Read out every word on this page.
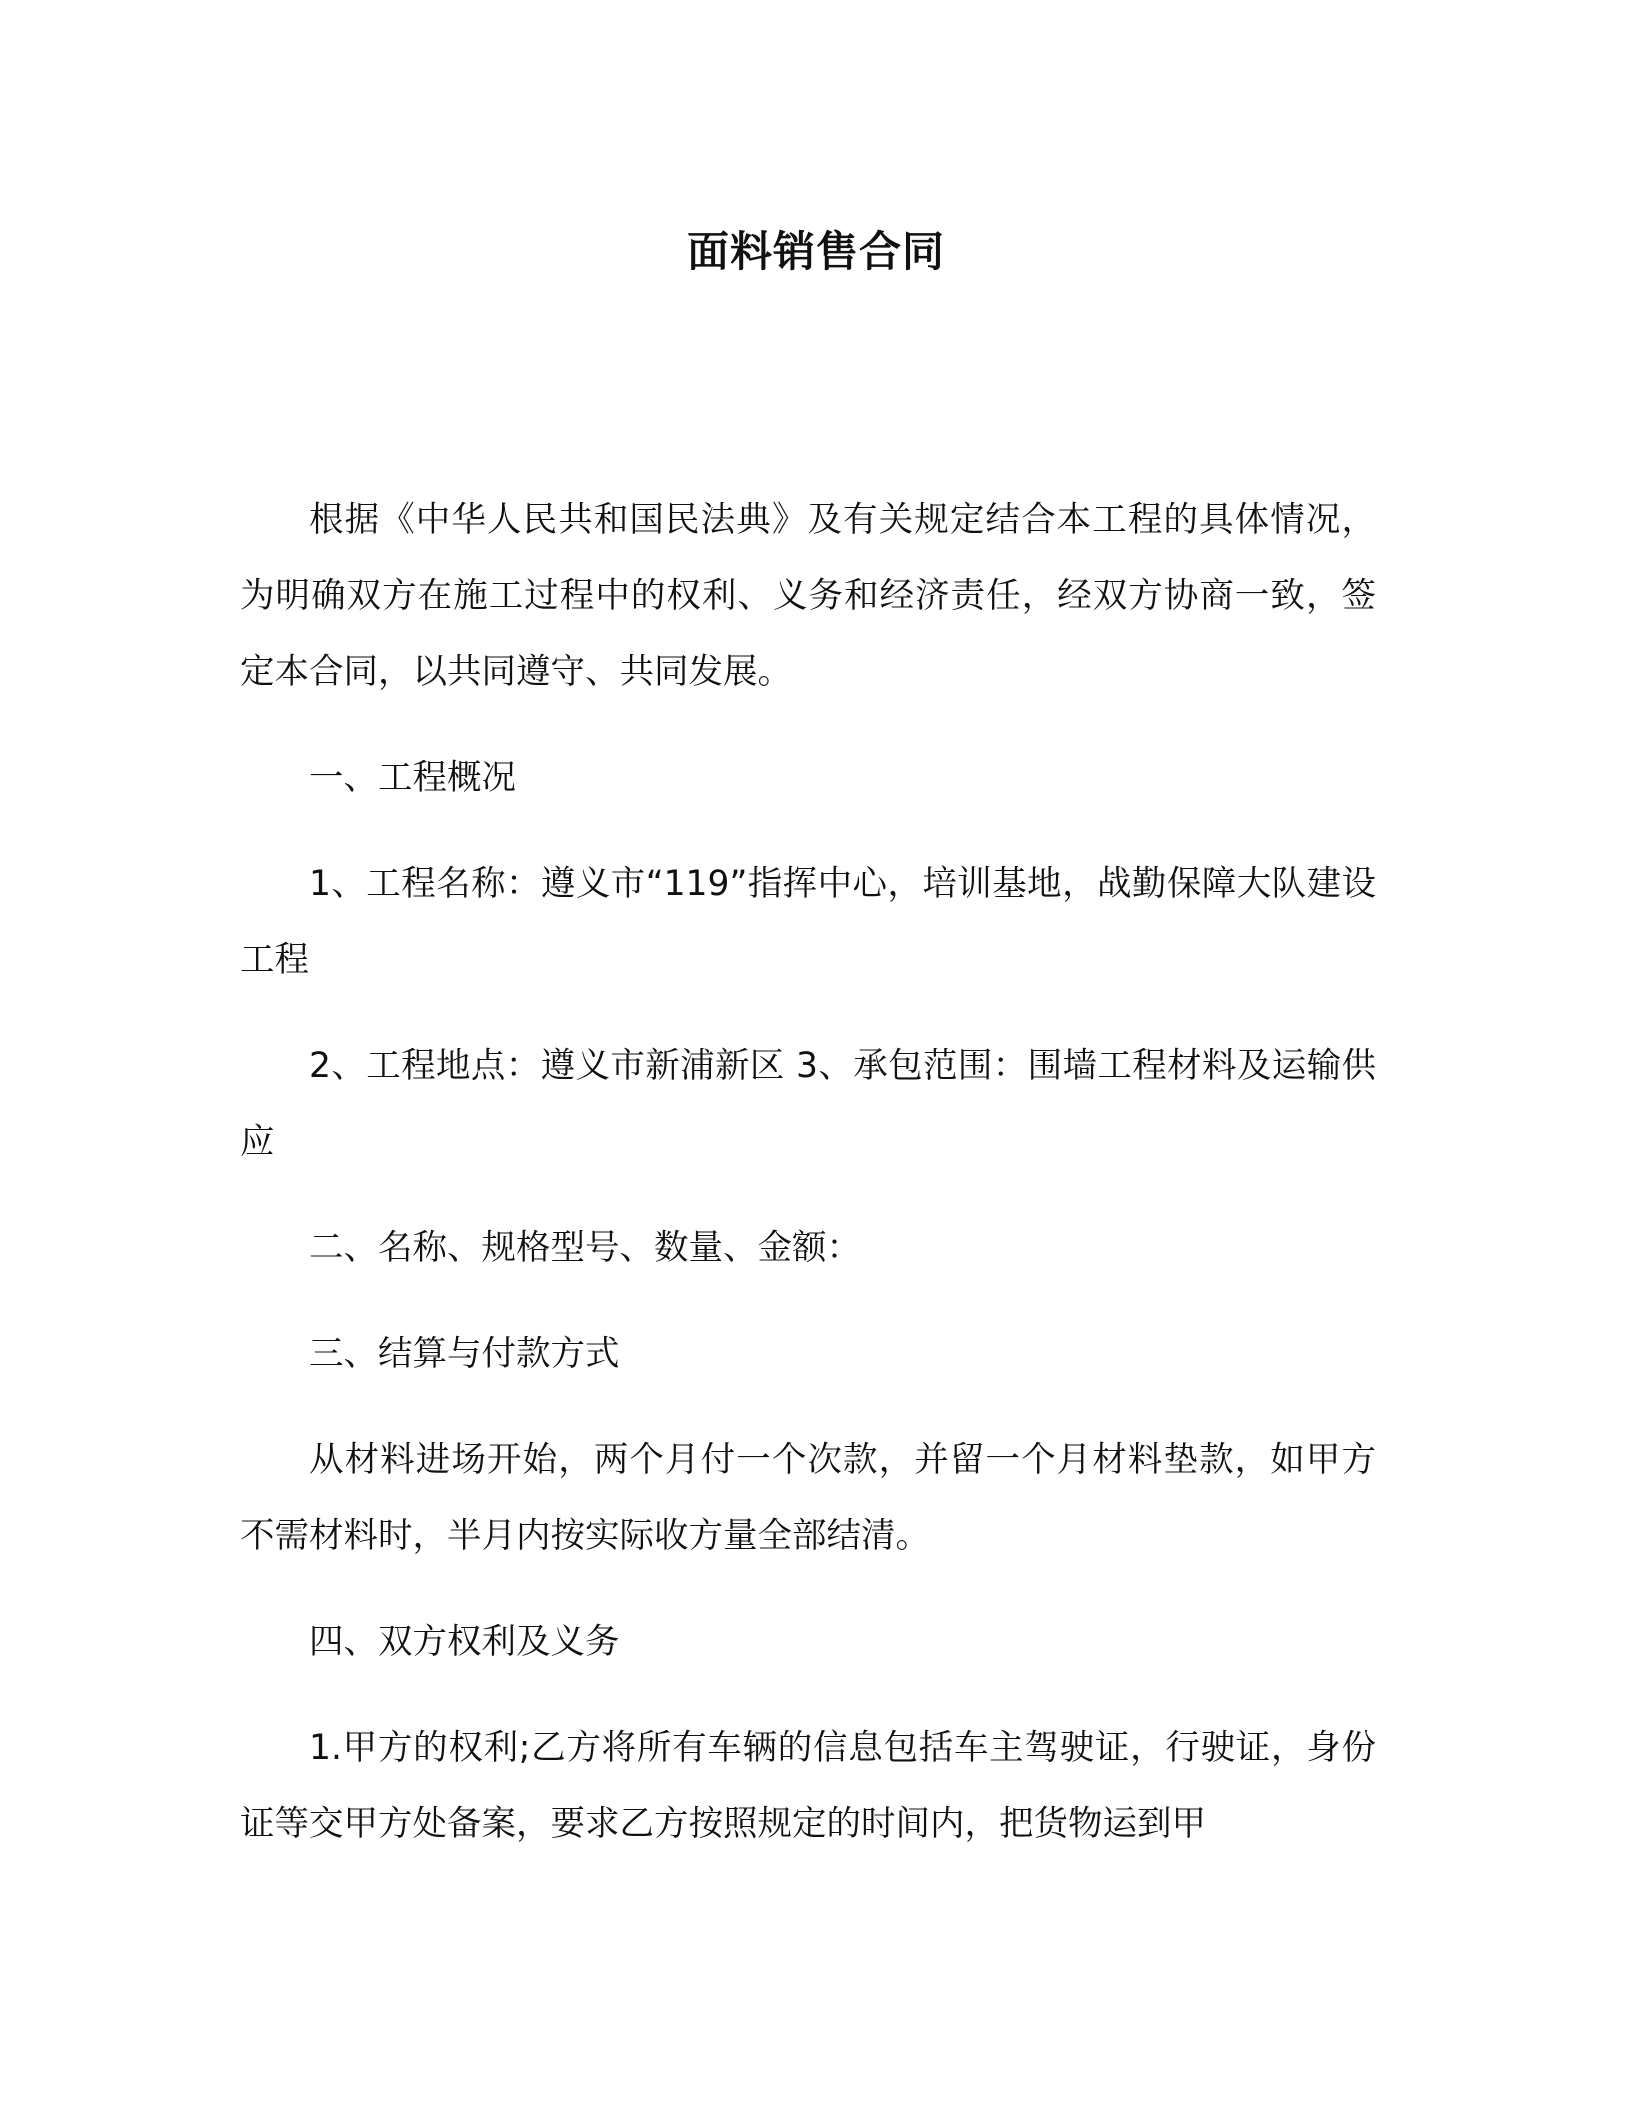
面料销售合同

根据《中华人民共和国民法典》及有关规定结合本工程的具体情况，为明确双方在施工过程中的权利、义务和经济责任，经双方协商一致，签定本合同，以共同遵守、共同发展。

一、工程概况

1、工程名称：遵义市“119”指挥中心，培训基地，战勤保障大队建设工程

2、工程地点：遵义市新浦新区 3、承包范围：围墙工程材料及运输供应

二、名称、规格型号、数量、金额：

三、结算与付款方式

从材料进场开始，两个月付一个次款，并留一个月材料垫款，如甲方不需材料时，半月内按实际收方量全部结清。

四、双方权利及义务

1.甲方的权利;乙方将所有车辆的信息包括车主驾驶证，行驶证，身份证等交甲方处备案，要求乙方按照规定的时间内，把货物运到甲
